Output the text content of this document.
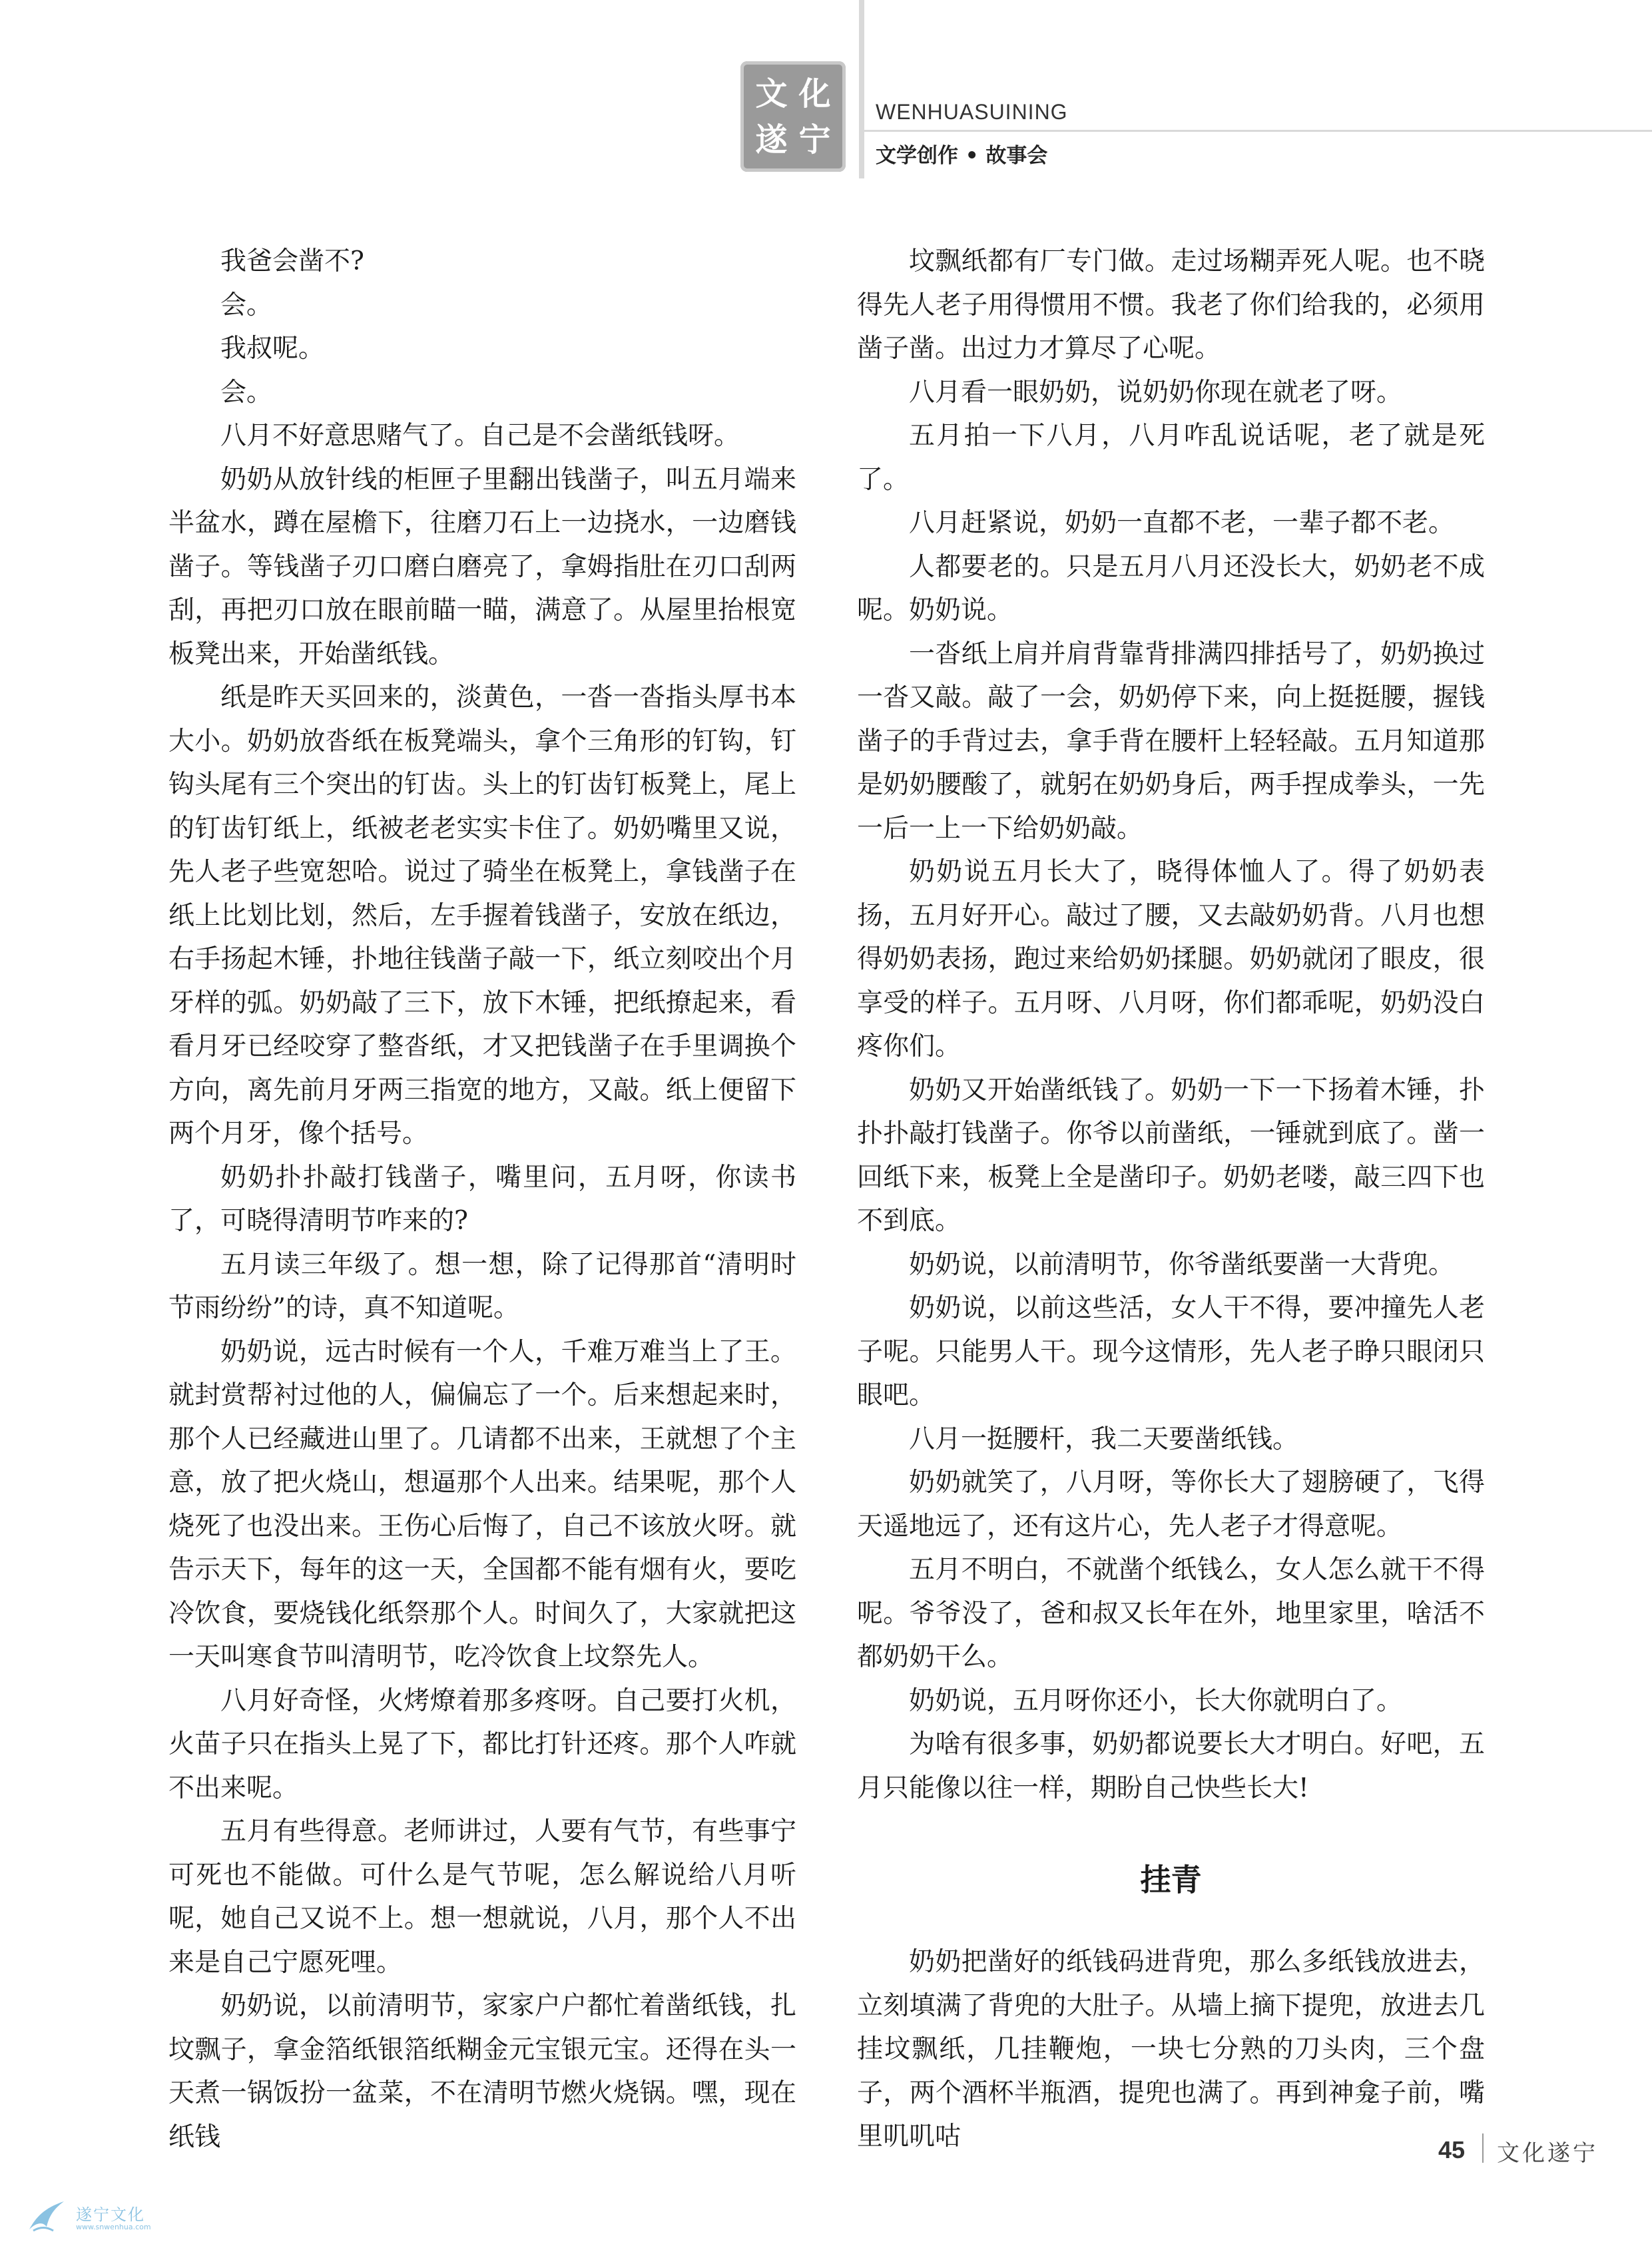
文 化
遂 宁
WENHUASUINING
文学创作 • 故事会

我爸会凿不?

会。

我叔呢。

会。

八月不好意思赌气了。自己是不会凿纸钱呀。

奶奶从放针线的柜匣子里翻出钱凿子，叫五月端来半盆水，蹲在屋檐下，往磨刀石上一边挠水，一边磨钱凿子。等钱凿子刃口磨白磨亮了，拿姆指肚在刃口刮两刮，再把刃口放在眼前瞄一瞄，满意了。从屋里抬根宽板凳出来，开始凿纸钱。

纸是昨天买回来的，淡黄色，一沓一沓指头厚书本大小。奶奶放沓纸在板凳端头，拿个三角形的钉钩，钉钩头尾有三个突出的钉齿。头上的钉齿钉板凳上，尾上的钉齿钉纸上，纸被老老实实卡住了。奶奶嘴里又说，先人老子些宽恕哈。说过了骑坐在板凳上，拿钱凿子在纸上比划比划，然后，左手握着钱凿子，安放在纸边，右手扬起木锤，扑地往钱凿子敲一下，纸立刻咬出个月牙样的弧。奶奶敲了三下，放下木锤，把纸撩起来，看看月牙已经咬穿了整沓纸，才又把钱凿子在手里调换个方向，离先前月牙两三指宽的地方，又敲。纸上便留下两个月牙，像个括号。

奶奶扑扑敲打钱凿子，嘴里问，五月呀，你读书了，可晓得清明节咋来的?

五月读三年级了。想一想，除了记得那首“清明时节雨纷纷”的诗，真不知道呢。

奶奶说，远古时候有一个人，千难万难当上了王。就封赏帮衬过他的人，偏偏忘了一个。后来想起来时，那个人已经藏进山里了。几请都不出来，王就想了个主意，放了把火烧山，想逼那个人出来。结果呢，那个人烧死了也没出来。王伤心后悔了，自己不该放火呀。就告示天下，每年的这一天，全国都不能有烟有火，要吃冷饮食，要烧钱化纸祭那个人。时间久了，大家就把这一天叫寒食节叫清明节，吃冷饮食上坟祭先人。

八月好奇怪，火烤燎着那多疼呀。自己要打火机，火苗子只在指头上晃了下，都比打针还疼。那个人咋就不出来呢。

五月有些得意。老师讲过，人要有气节，有些事宁可死也不能做。可什么是气节呢，怎么解说给八月听呢，她自己又说不上。想一想就说，八月，那个人不出来是自己宁愿死哩。

奶奶说，以前清明节，家家户户都忙着凿纸钱，扎坟飘子，拿金箔纸银箔纸糊金元宝银元宝。还得在头一天煮一锅饭扮一盆菜，不在清明节燃火烧锅。嘿，现在纸钱

坟飘纸都有厂专门做。走过场糊弄死人呢。也不晓得先人老子用得惯用不惯。我老了你们给我的，必须用凿子凿。出过力才算尽了心呢。

八月看一眼奶奶，说奶奶你现在就老了呀。

五月拍一下八月，八月咋乱说话呢，老了就是死了。

八月赶紧说，奶奶一直都不老，一辈子都不老。

人都要老的。只是五月八月还没长大，奶奶老不成呢。奶奶说。

一沓纸上肩并肩背靠背排满四排括号了，奶奶换过一沓又敲。敲了一会，奶奶停下来，向上挺挺腰，握钱凿子的手背过去，拿手背在腰杆上轻轻敲。五月知道那是奶奶腰酸了，就躬在奶奶身后，两手捏成拳头，一先一后一上一下给奶奶敲。

奶奶说五月长大了，晓得体恤人了。得了奶奶表扬，五月好开心。敲过了腰，又去敲奶奶背。八月也想得奶奶表扬，跑过来给奶奶揉腿。奶奶就闭了眼皮，很享受的样子。五月呀、八月呀，你们都乖呢，奶奶没白疼你们。

奶奶又开始凿纸钱了。奶奶一下一下扬着木锤，扑扑扑敲打钱凿子。你爷以前凿纸，一锤就到底了。凿一回纸下来，板凳上全是凿印子。奶奶老喽，敲三四下也不到底。

奶奶说，以前清明节，你爷凿纸要凿一大背兜。

奶奶说，以前这些活，女人干不得，要冲撞先人老子呢。只能男人干。现今这情形，先人老子睁只眼闭只眼吧。

八月一挺腰杆，我二天要凿纸钱。

奶奶就笑了，八月呀，等你长大了翅膀硬了，飞得天遥地远了，还有这片心，先人老子才得意呢。

五月不明白，不就凿个纸钱么，女人怎么就干不得呢。爷爷没了，爸和叔又长年在外，地里家里，啥活不都奶奶干么。

奶奶说，五月呀你还小，长大你就明白了。

为啥有很多事，奶奶都说要长大才明白。好吧，五月只能像以往一样，期盼自己快些长大!

挂青

奶奶把凿好的纸钱码进背兜，那么多纸钱放进去，立刻填满了背兜的大肚子。从墙上摘下提兜，放进去几挂坟飘纸，几挂鞭炮，一块七分熟的刀头肉，三个盘子，两个酒杯半瓶酒，提兜也满了。再到神龛子前，嘴里叽叽咕	45 文化遂宁
遂宁文化
www.snwenhua.com
